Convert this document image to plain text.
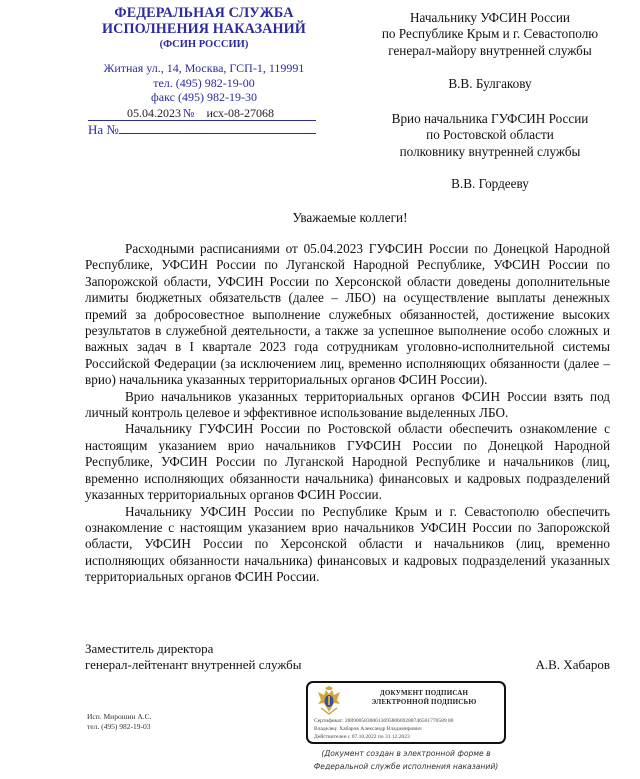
ФЕДЕРАЛЬНАЯ СЛУЖБА
ИСПОЛНЕНИЯ НАКАЗАНИЙ
(ФСИН РОССИИ)
Житная ул., 14, Москва, ГСП-1, 119991
тел. (495) 982-19-00
факс (495) 982-19-30
05.04.2023 № исх-08-27068
На №
Начальнику УФСИН России
по Республике Крым и г. Севастополю
генерал-майору внутренней службы
В.В. Булгакову
Врио начальника ГУФСИН России
по Ростовской области
полковнику внутренней службы
В.В. Гордееву
Уважаемые коллеги!

Расходными расписаниями от 05.04.2023 ГУФСИН России по Донецкой Народной Республике, УФСИН России по Луганской Народной Республике, УФСИН России по Запорожской области, УФСИН России по Херсонской области доведены дополнительные лимиты бюджетных обязательств (далее – ЛБО) на осуществление выплаты денежных премий за добросовестное выполнение служебных обязанностей, достижение высоких результатов в служебной деятельности, а также за успешное выполнение особо сложных и важных задач в I квартале 2023 года сотрудникам уголовно-исполнительной системы Российской Федерации (за исключением лиц, временно исполняющих обязанности (далее – врио) начальника указанных территориальных органов ФСИН России).

Врио начальников указанных территориальных органов ФСИН России взять под личный контроль целевое и эффективное использование выделенных ЛБО.

Начальнику ГУФСИН России по Ростовской области обеспечить ознакомление с настоящим указанием врио начальников ГУФСИН России по Донецкой Народной Республике, УФСИН России по Луганской Народной Республике и начальников (лиц, временно исполняющих обязанности начальника) финансовых и кадровых подразделений указанных территориальных органов ФСИН России.

Начальнику УФСИН России по Республике Крым и г. Севастополю обеспечить ознакомление с настоящим указанием врио начальников УФСИН России по Запорожской области, УФСИН России по Херсонской области и начальников (лиц, временно исполняющих обязанности начальника) финансовых и кадровых подразделений указанных территориальных органов ФСИН России.

Заместитель директора
генерал-лейтенант внутренней службы	А.В. Хабаров
Исп. Мирошин А.С.
тел. (495) 982-19-03
ДОКУМЕНТ ПОДПИСАН
ЭЛЕКТРОННОЙ ПОДПИСЬЮ
Сертификат: 2889005830061369580669288746561770589 80
Владелец: Хабаров Александр Владимирович
Действителен с 07.10.2022 по 31.12.2023
(Документ создан в электронной форме в
Федеральной службе исполнения наказаний)
